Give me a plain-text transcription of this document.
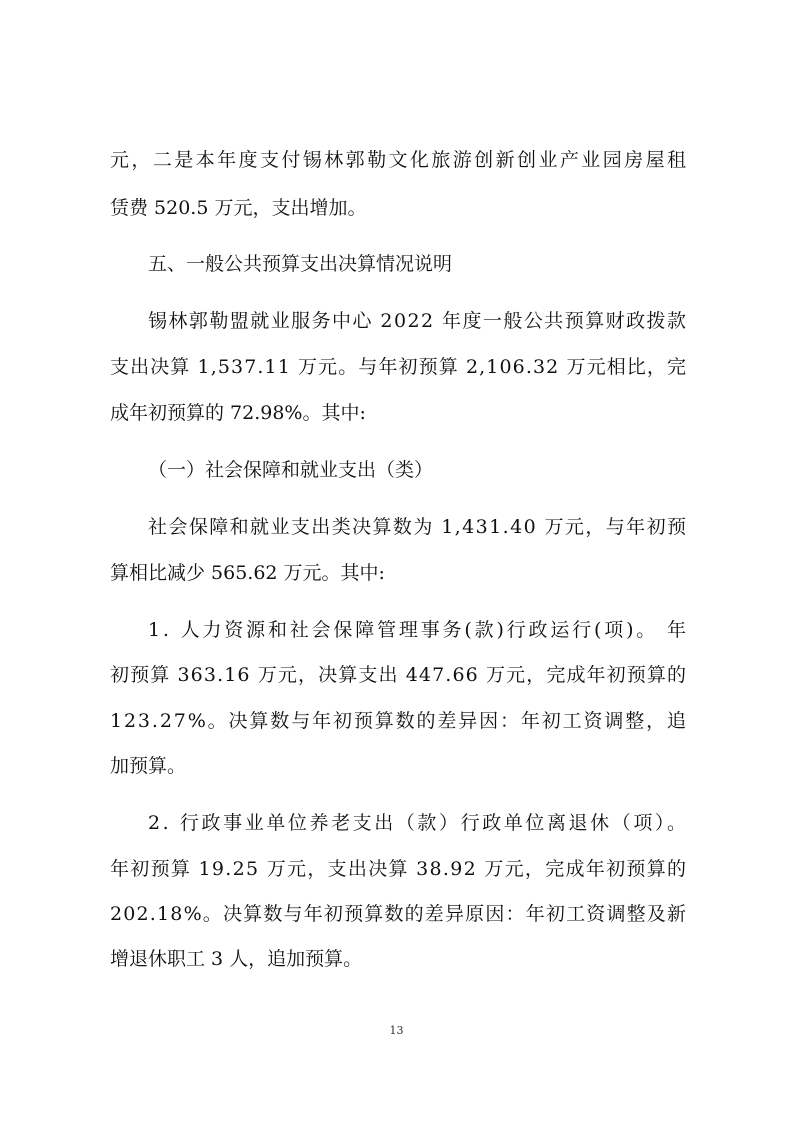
元，二是本年度支付锡林郭勒文化旅游创新创业产业园房屋租
赁费 520.5 万元，支出增加。
五、一般公共预算支出决算情况说明
锡林郭勒盟就业服务中心 2022 年度一般公共预算财政拨款
支出决算 1,537.11 万元。与年初预算 2,106.32 万元相比，完
成年初预算的 72.98%。其中:
（一）社会保障和就业支出（类）
社会保障和就业支出类决算数为 1,431.40 万元，与年初预
算相比减少 565.62 万元。其中:
1. 人力资源和社会保障管理事务(款)行政运行(项)。 年
初预算 363.16 万元，决算支出 447.66 万元，完成年初预算的
123.27%。决算数与年初预算数的差异因：年初工资调整，追
加预算。
2. 行政事业单位养老支出（款）行政单位离退休（项）。
年初预算 19.25 万元，支出决算 38.92 万元，完成年初预算的
202.18%。决算数与年初预算数的差异原因：年初工资调整及新
增退休职工 3 人，追加预算。
13
